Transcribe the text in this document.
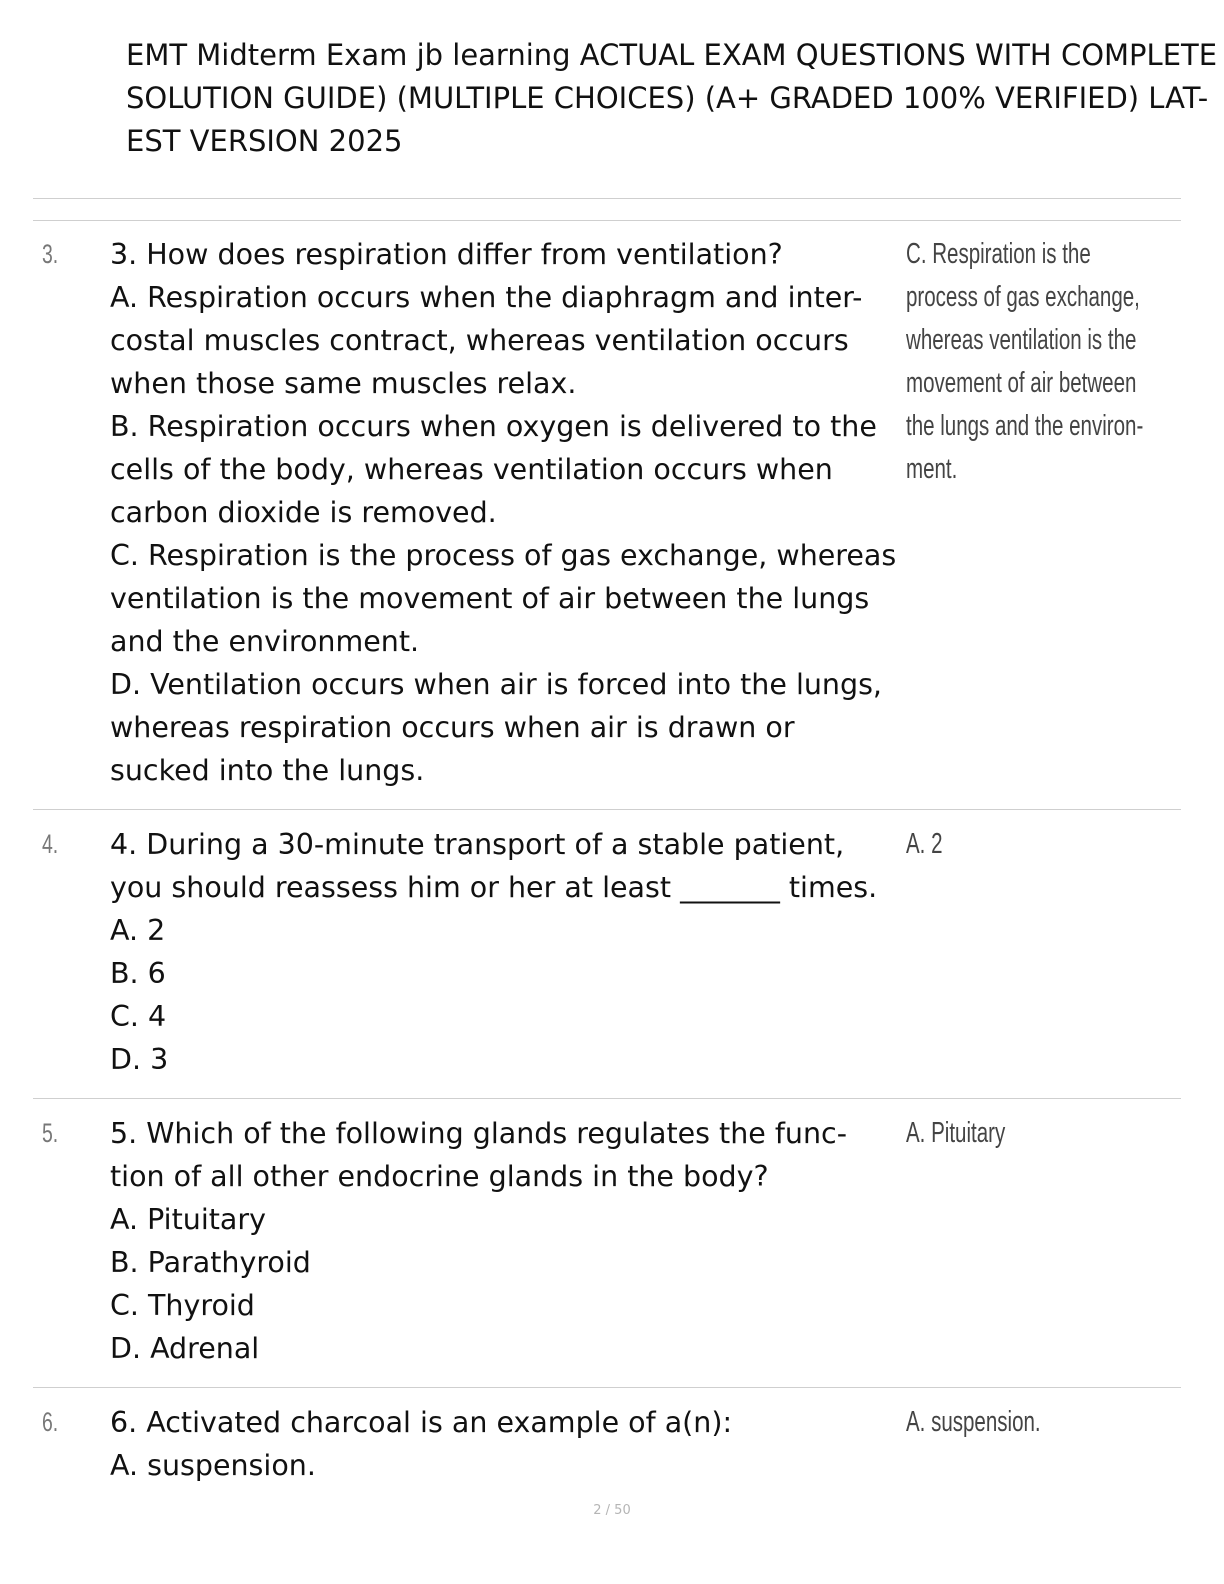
EMT Midterm Exam jb learning ACTUAL EXAM QUESTIONS WITH COMPLETE
SOLUTION GUIDE) (MULTIPLE CHOICES) (A+ GRADED 100% VERIFIED) LAT-
EST VERSION 2025
3. 3. How does respiration differ from ventilation?
A. Respiration occurs when the diaphragm and inter-
costal muscles contract, whereas ventilation occurs
when those same muscles relax.
B. Respiration occurs when oxygen is delivered to the
cells of the body, whereas ventilation occurs when
carbon dioxide is removed.
C. Respiration is the process of gas exchange, whereas
ventilation is the movement of air between the lungs
and the environment.
D. Ventilation occurs when air is forced into the lungs,
whereas respiration occurs when air is drawn or
sucked into the lungs.
C. Respiration is the
process of gas exchange,
whereas ventilation is the
movement of air between
the lungs and the environ-
ment.
4. 4. During a 30-minute transport of a stable patient,
you should reassess him or her at least _______ times.
A. 2
B. 6
C. 4
D. 3
A. 2
5. 5. Which of the following glands regulates the func-
tion of all other endocrine glands in the body?
A. Pituitary
B. Parathyroid
C. Thyroid
D. Adrenal
A. Pituitary
6. 6. Activated charcoal is an example of a(n):
A. suspension.
A. suspension.
2 / 50
